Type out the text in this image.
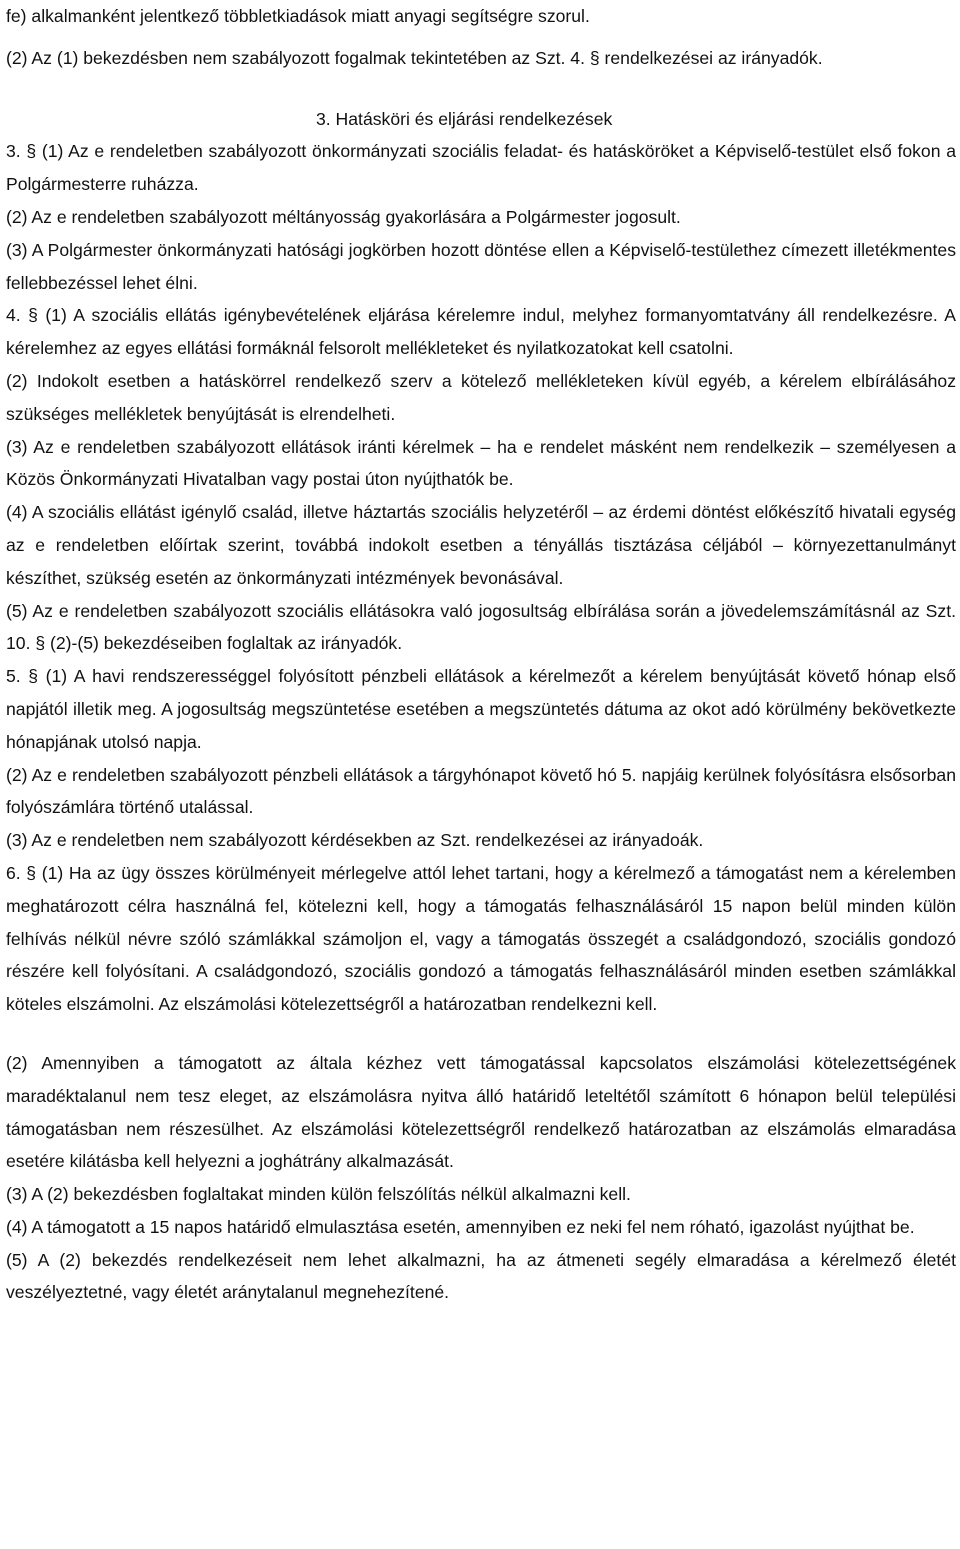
fe) alkalmanként jelentkező többletkiadások miatt anyagi segítségre szorul.

(2) Az (1) bekezdésben nem szabályozott fogalmak tekintetében az Szt. 4. § rendelkezései az irányadók.

3. Hatásköri és eljárási rendelkezések

3. § (1) Az e rendeletben szabályozott önkormányzati szociális feladat- és hatásköröket a Képviselő-testület első fokon a Polgármesterre ruházza.

(2) Az e rendeletben szabályozott méltányosság gyakorlására a Polgármester jogosult.

(3) A Polgármester önkormányzati hatósági jogkörben hozott döntése ellen a Képviselő-testülethez címezett illetékmentes fellebbezéssel lehet élni.

4. § (1) A szociális ellátás igénybevételének eljárása kérelemre indul, melyhez formanyomtatvány áll rendelkezésre. A kérelemhez az egyes ellátási formáknál felsorolt mellékleteket és nyilatkozatokat kell csatolni.

(2) Indokolt esetben a hatáskörrel rendelkező szerv a kötelező mellékleteken kívül egyéb, a kérelem elbírálásához szükséges mellékletek benyújtását is elrendelheti.

(3) Az e rendeletben szabályozott ellátások iránti kérelmek – ha e rendelet másként nem rendelkezik – személyesen a Közös Önkormányzati Hivatalban vagy postai úton nyújthatók be.

(4) A szociális ellátást igénylő család, illetve háztartás szociális helyzetéről – az érdemi döntést előkészítő hivatali egység az e rendeletben előírtak szerint, továbbá indokolt esetben a tényállás tisztázása céljából – környezettanulmányt készíthet, szükség esetén az önkormányzati intézmények bevonásával.

(5) Az e rendeletben szabályozott szociális ellátásokra való jogosultság elbírálása során a jövedelemszámításnál az Szt. 10. § (2)-(5) bekezdéseiben foglaltak az irányadók.

5. § (1) A havi rendszerességgel folyósított pénzbeli ellátások a kérelmezőt a kérelem benyújtását követő hónap első napjától illetik meg. A jogosultság megszüntetése esetében a megszüntetés dátuma az okot adó körülmény bekövetkezte hónapjának utolsó napja.

(2) Az e rendeletben szabályozott pénzbeli ellátások a tárgyhónapot követő hó 5. napjáig kerülnek folyósításra elsősorban folyószámlára történő utalással.

(3) Az e rendeletben nem szabályozott kérdésekben az Szt. rendelkezései az irányadoák.

6. § (1) Ha az ügy összes körülményeit mérlegelve attól lehet tartani, hogy a kérelmező a támogatást nem a kérelemben meghatározott célra használná fel, kötelezni kell, hogy a támogatás felhasználásáról 15 napon belül minden külön felhívás nélkül névre szóló számlákkal számoljon el, vagy a támogatás összegét a családgondozó, szociális gondozó részére kell folyósítani. A családgondozó, szociális gondozó a támogatás felhasználásáról minden esetben számlákkal köteles elszámolni. Az elszámolási kötelezettségről a határozatban rendelkezni kell.

(2) Amennyiben a támogatott az általa kézhez vett támogatással kapcsolatos elszámolási kötelezettségének maradéktalanul nem tesz eleget, az elszámolásra nyitva álló határidő leteltétől számított 6 hónapon belül települési támogatásban nem részesülhet. Az elszámolási kötelezettségről rendelkező határozatban az elszámolás elmaradása esetére kilátásba kell helyezni a joghátrány alkalmazását.

(3) A (2) bekezdésben foglaltakat minden külön felszólítás nélkül alkalmazni kell.

(4) A támogatott a 15 napos határidő elmulasztása esetén, amennyiben ez neki fel nem róható, igazolást nyújthat be.

(5) A (2) bekezdés rendelkezéseit nem lehet alkalmazni, ha az átmeneti segély elmaradása a kérelmező életét veszélyeztetné, vagy életét aránytalanul megnehezítené.
